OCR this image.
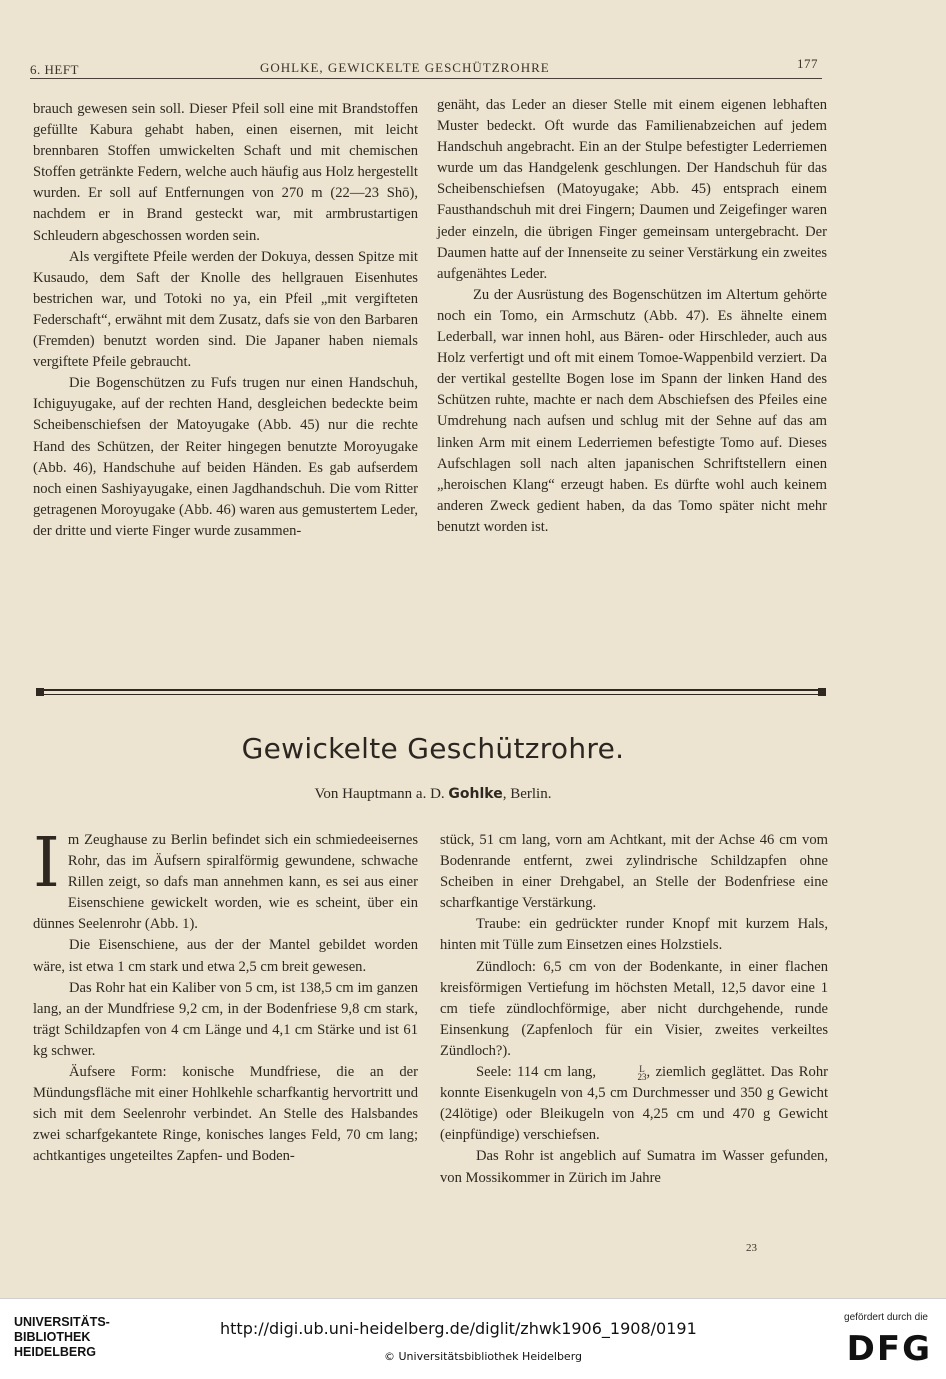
6. HEFT	GOHLKE, GEWICKELTE GESCHÜTZROHRE	177

brauch gewesen sein soll. Dieser Pfeil soll eine mit Brandstoffen gefüllte Kabura gehabt haben, einen eisernen, mit leicht brennbaren Stoffen umwickelten Schaft und mit chemischen Stoffen getränkte Federn, welche auch häufig aus Holz hergestellt wurden. Er soll auf Entfernungen von 270 m (22—23 Shō), nachdem er in Brand gesteckt war, mit armbrustartigen Schleudern abgeschossen worden sein.

Als vergiftete Pfeile werden der Dokuya, dessen Spitze mit Kusaudo, dem Saft der Knolle des hellgrauen Eisenhutes bestrichen war, und Totoki no ya, ein Pfeil „mit vergifteten Federschaft“, erwähnt mit dem Zusatz, dafs sie von den Barbaren (Fremden) benutzt worden sind. Die Japaner haben niemals vergiftete Pfeile gebraucht.

Die Bogenschützen zu Fufs trugen nur einen Handschuh, Ichiguyugake, auf der rechten Hand, desgleichen bedeckte beim Scheibenschiefsen der Matoyugake (Abb. 45) nur die rechte Hand des Schützen, der Reiter hingegen benutzte Moroyugake (Abb. 46), Handschuhe auf beiden Händen. Es gab aufserdem noch einen Sashiyayugake, einen Jagdhandschuh. Die vom Ritter getragenen Moroyugake (Abb. 46) waren aus gemustertem Leder, der dritte und vierte Finger wurde zusammen-

genäht, das Leder an dieser Stelle mit einem eigenen lebhaften Muster bedeckt. Oft wurde das Familienabzeichen auf jedem Handschuh angebracht. Ein an der Stulpe befestigter Lederriemen wurde um das Handgelenk geschlungen. Der Handschuh für das Scheibenschiefsen (Matoyugake; Abb. 45) entsprach einem Fausthandschuh mit drei Fingern; Daumen und Zeigefinger waren jeder einzeln, die übrigen Finger gemeinsam untergebracht. Der Daumen hatte auf der Innenseite zu seiner Verstärkung ein zweites aufgenähtes Leder.

Zu der Ausrüstung des Bogenschützen im Altertum gehörte noch ein Tomo, ein Armschutz (Abb. 47). Es ähnelte einem Lederball, war innen hohl, aus Bären- oder Hirschleder, auch aus Holz verfertigt und oft mit einem Tomoe-Wappenbild verziert. Da der vertikal gestellte Bogen lose im Spann der linken Hand des Schützen ruhte, machte er nach dem Abschiefsen des Pfeiles eine Umdrehung nach aufsen und schlug mit der Sehne auf das am linken Arm mit einem Lederriemen befestigte Tomo auf. Dieses Aufschlagen soll nach alten japanischen Schriftstellern einen „heroischen Klang“ erzeugt haben. Es dürfte wohl auch keinem anderen Zweck gedient haben, da das Tomo später nicht mehr benutzt worden ist.

Gewickelte Geschützrohre.
Von Hauptmann a. D. Gohlke, Berlin.

Im Zeughause zu Berlin befindet sich ein schmiedeeisernes Rohr, das im Äufsern spiralförmig gewundene, schwache Rillen zeigt, so dafs man annehmen kann, es sei aus einer Eisenschiene gewickelt worden, wie es scheint, über ein dünnes Seelenrohr (Abb. 1).

Die Eisenschiene, aus der der Mantel gebildet worden wäre, ist etwa 1 cm stark und etwa 2,5 cm breit gewesen.

Das Rohr hat ein Kaliber von 5 cm, ist 138,5 cm im ganzen lang, an der Mundfriese 9,2 cm, in der Bodenfriese 9,8 cm stark, trägt Schildzapfen von 4 cm Länge und 4,1 cm Stärke und ist 61 kg schwer.

Äufsere Form: konische Mundfriese, die an der Mündungsfläche mit einer Hohlkehle scharfkantig hervortritt und sich mit dem Seelenrohr verbindet. An Stelle des Halsbandes zwei scharfgekantete Ringe, konisches langes Feld, 70 cm lang; achtkantiges ungeteiltes Zapfen- und Boden-

stück, 51 cm lang, vorn am Achtkant, mit der Achse 46 cm vom Bodenrande entfernt, zwei zylindrische Schildzapfen ohne Scheiben in einer Drehgabel, an Stelle der Bodenfriese eine scharfkantige Verstärkung.

Traube: ein gedrückter runder Knopf mit kurzem Hals, hinten mit Tülle zum Einsetzen eines Holzstiels.

Zündloch: 6,5 cm von der Bodenkante, in einer flachen kreisförmigen Vertiefung im höchsten Metall, 12,5 davor eine 1 cm tiefe zündlochförmige, aber nicht durchgehende, runde Einsenkung (Zapfenloch für ein Visier, zweites verkeiltes Zündloch?).

Seele: 114 cm lang,	L
23 , ziemlich geglättet. Das Rohr konnte Eisenkugeln von 4,5 cm Durchmesser und 350 g Gewicht (24lötige) oder Bleikugeln von 4,25 cm und 470 g Gewicht (einpfündige) verschiefsen.

Das Rohr ist angeblich auf Sumatra im Wasser gefunden, von Mossikommer in Zürich im Jahre

23
UNIVERSITÄTS-
BIBLIOTHEK
HEIDELBERG
http://digi.ub.uni-heidelberg.de/diglit/zhwk1906_1908/0191
© Universitätsbibliothek Heidelberg
gefördert durch die
DFG
